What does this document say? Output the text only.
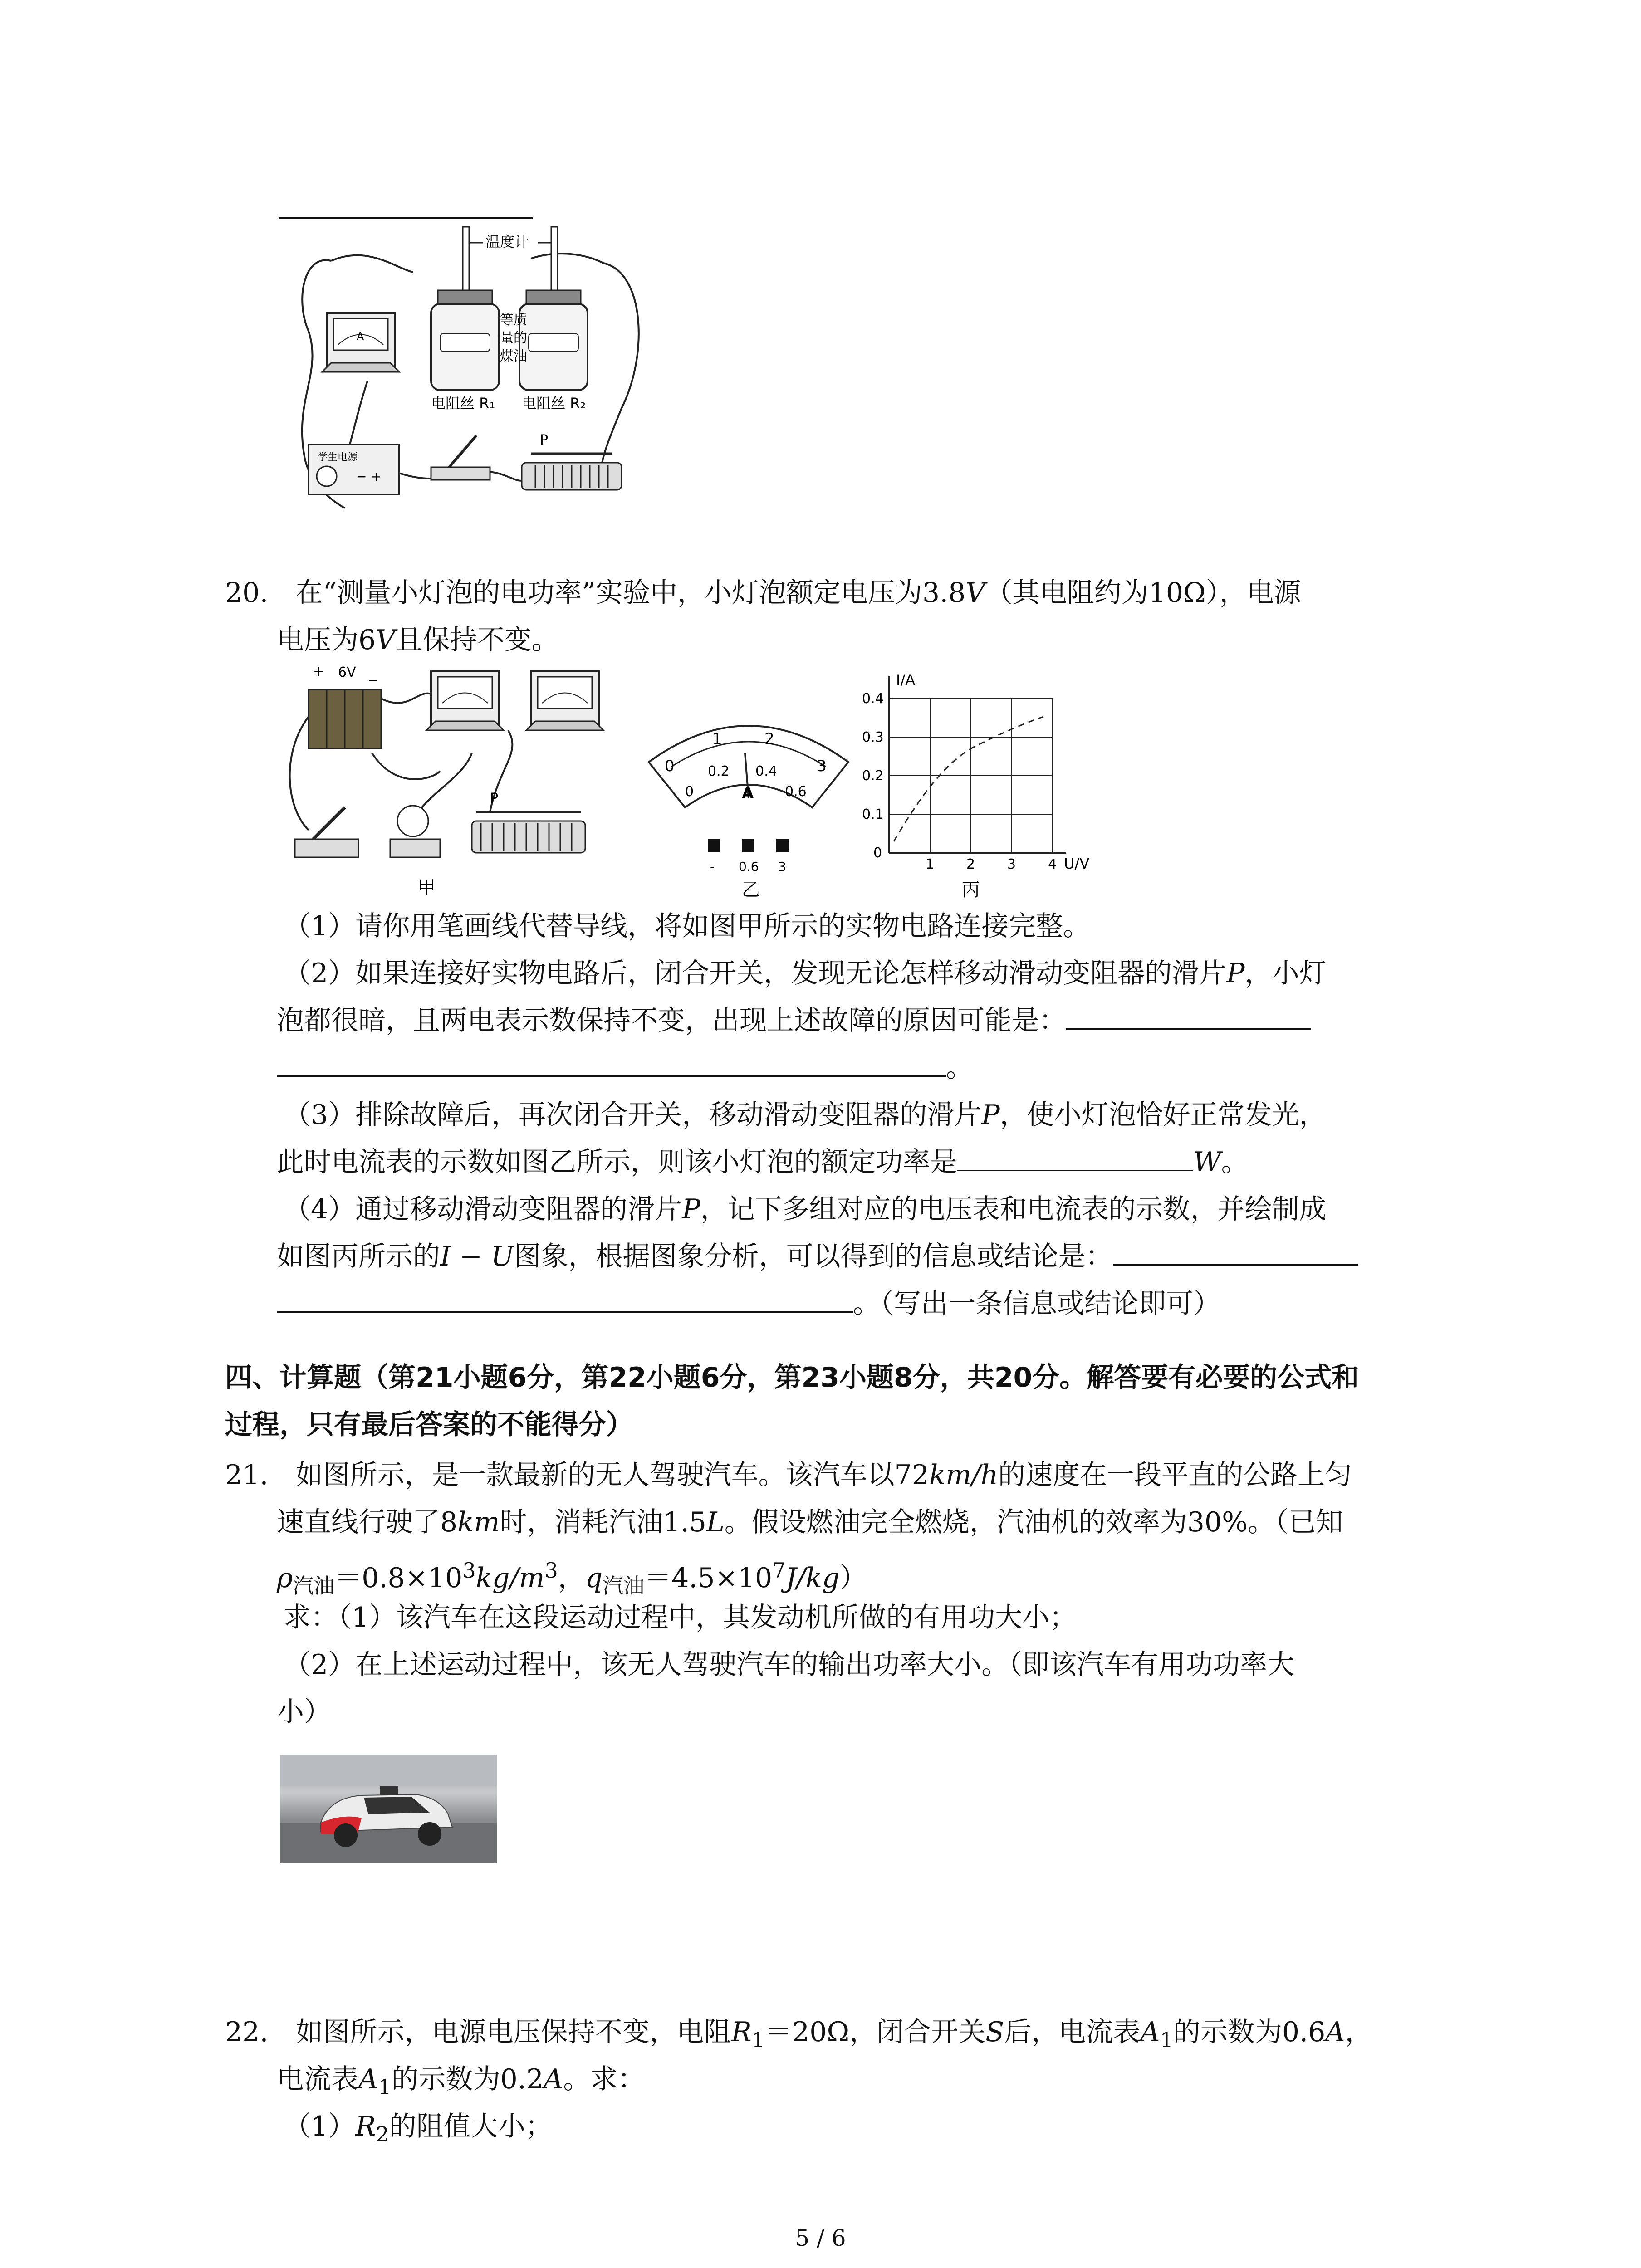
A
温度计
等质
量的
煤油
电阻丝 R₁ 电阻丝 R₂
学生电源
− +
P
20. 在“测量小灯泡的电功率”实验中，小灯泡额定电压为3.8V（其电阻约为10Ω），电源
电压为6V且保持不变。
+ 6V
−
P
甲
0
1	2
3
0
0.2 0.4
0.6
A
- 0.6 3
乙
I/A
U/V
0.4
0.3
0.2
0.1
0
1 2 3 4
丙
（1）请你用笔画线代替导线，将如图甲所示的实物电路连接完整。
（2）如果连接好实物电路后，闭合开关，发现无论怎样移动滑动变阻器的滑片P，小灯
泡都很暗，且两电表示数保持不变，出现上述故障的原因可能是：
。
（3）排除故障后，再次闭合开关，移动滑动变阻器的滑片P，使小灯泡恰好正常发光，
此时电流表的示数如图乙所示，则该小灯泡的额定功率是	W。
（4）通过移动滑动变阻器的滑片P，记下多组对应的电压表和电流表的示数，并绘制成
如图丙所示的I − U图象，根据图象分析，可以得到的信息或结论是：
。（写出一条信息或结论即可）
四、计算题（第21小题6分，第22小题6分，第23小题8分，共20分。解答要有必要的公式和
过程，只有最后答案的不能得分）
21. 如图所示，是一款最新的无人驾驶汽车。该汽车以72km/h的速度在一段平直的公路上匀
速直线行驶了8km时，消耗汽油1.5L。假设燃油完全燃烧，汽油机的效率为30%。（已知
$\rho_{汽油}=0.8\times 10^3kg/m^3$，$q_{汽油}=4.5\times 10^7J/kg$）
求：（1）该汽车在这段运动过程中，其发动机所做的有用功大小；
（2）在上述运动过程中，该无人驾驶汽车的输出功率大小。（即该汽车有用功功率大
小）
22. 如图所示，电源电压保持不变，电阻$R_1=20\Omega$，闭合开关S后，电流表$A_1$的示数为0.6A，
电流表$A_1$的示数为0.2A。求：
$(1)R_2$的阻值大小；
5 / 6
